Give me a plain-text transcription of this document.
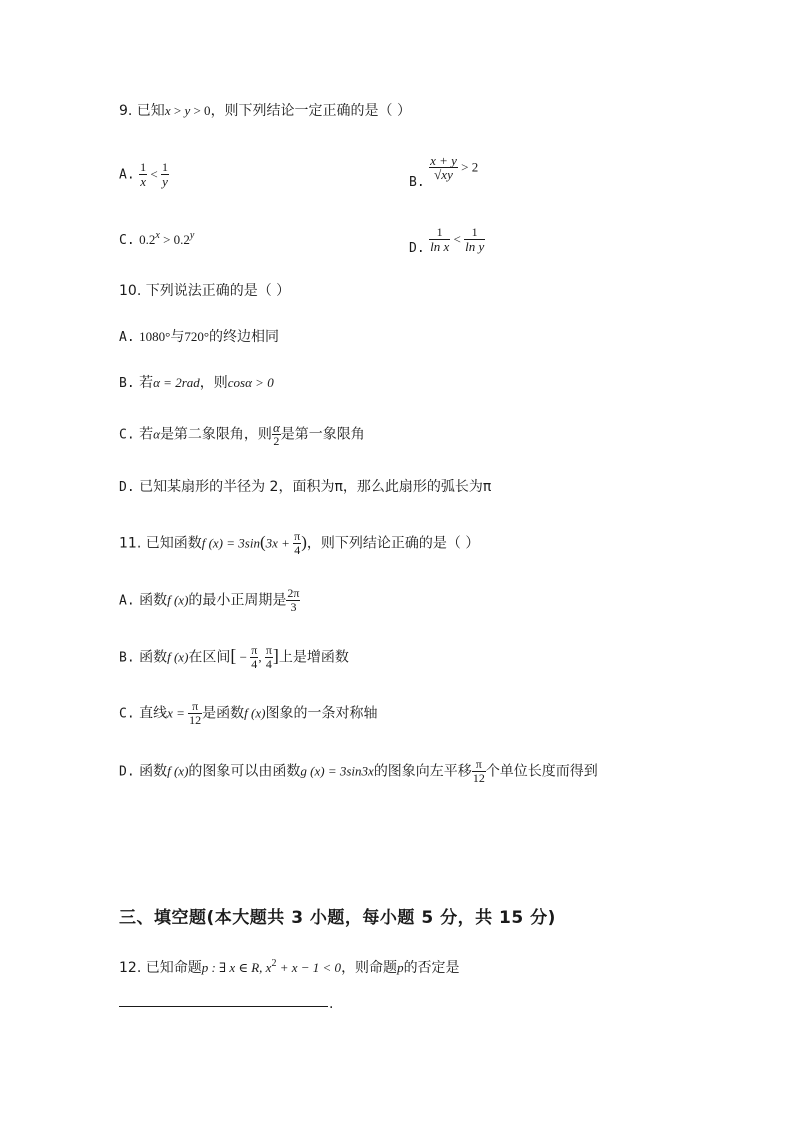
9. 已知x > y > 0，则下列结论一定正确的是（ ）
A. $\frac{1}{x} < \frac{1}{y}$	B.
$\frac{x + y}{√xy} > 2$
C. $0.2^x > 0.2^y$
D. $\frac{1}{\text{ln x}} < \frac{1}{\text{ln y}}$
10. 下列说法正确的是（ ）
A. 1080°与720°的终边相同
B. 若α = 2rad，则cosα > 0
C. 若α是第二象限角，则 $\frac{\alpha}{2}$ 是第一象限角
D. 已知某扇形的半径为 2，面积为π，那么此扇形的弧长为π
11. 已知函数f $(x) = 3\sin(3x + \frac{\pi}{4}$ )，则下列结论正确的是（ ）
A. 函数f (x)的最小正周期是 $\frac{2\pi}{3}$
B. 函数f (x)在区间[ − $\frac{\pi}{4}$ , $\frac{\pi}{4}$ ]上是增函数
C. 直线$x = \frac{\pi}{12}$ 是函数f (x)图象的一条对称轴
D. 函数f (x)的图象可以由函数g (x) = 3sin3x的图象向左平移 $\frac{\pi}{12}$ 个单位长度而得到
三、填空题(本大题共 3 小题，每小题 5 分，共 15 分)
12. 已知命题p : ∃ x ∈ R, $x^2 + x - 1 < 0$，则命题p的否定是
.
